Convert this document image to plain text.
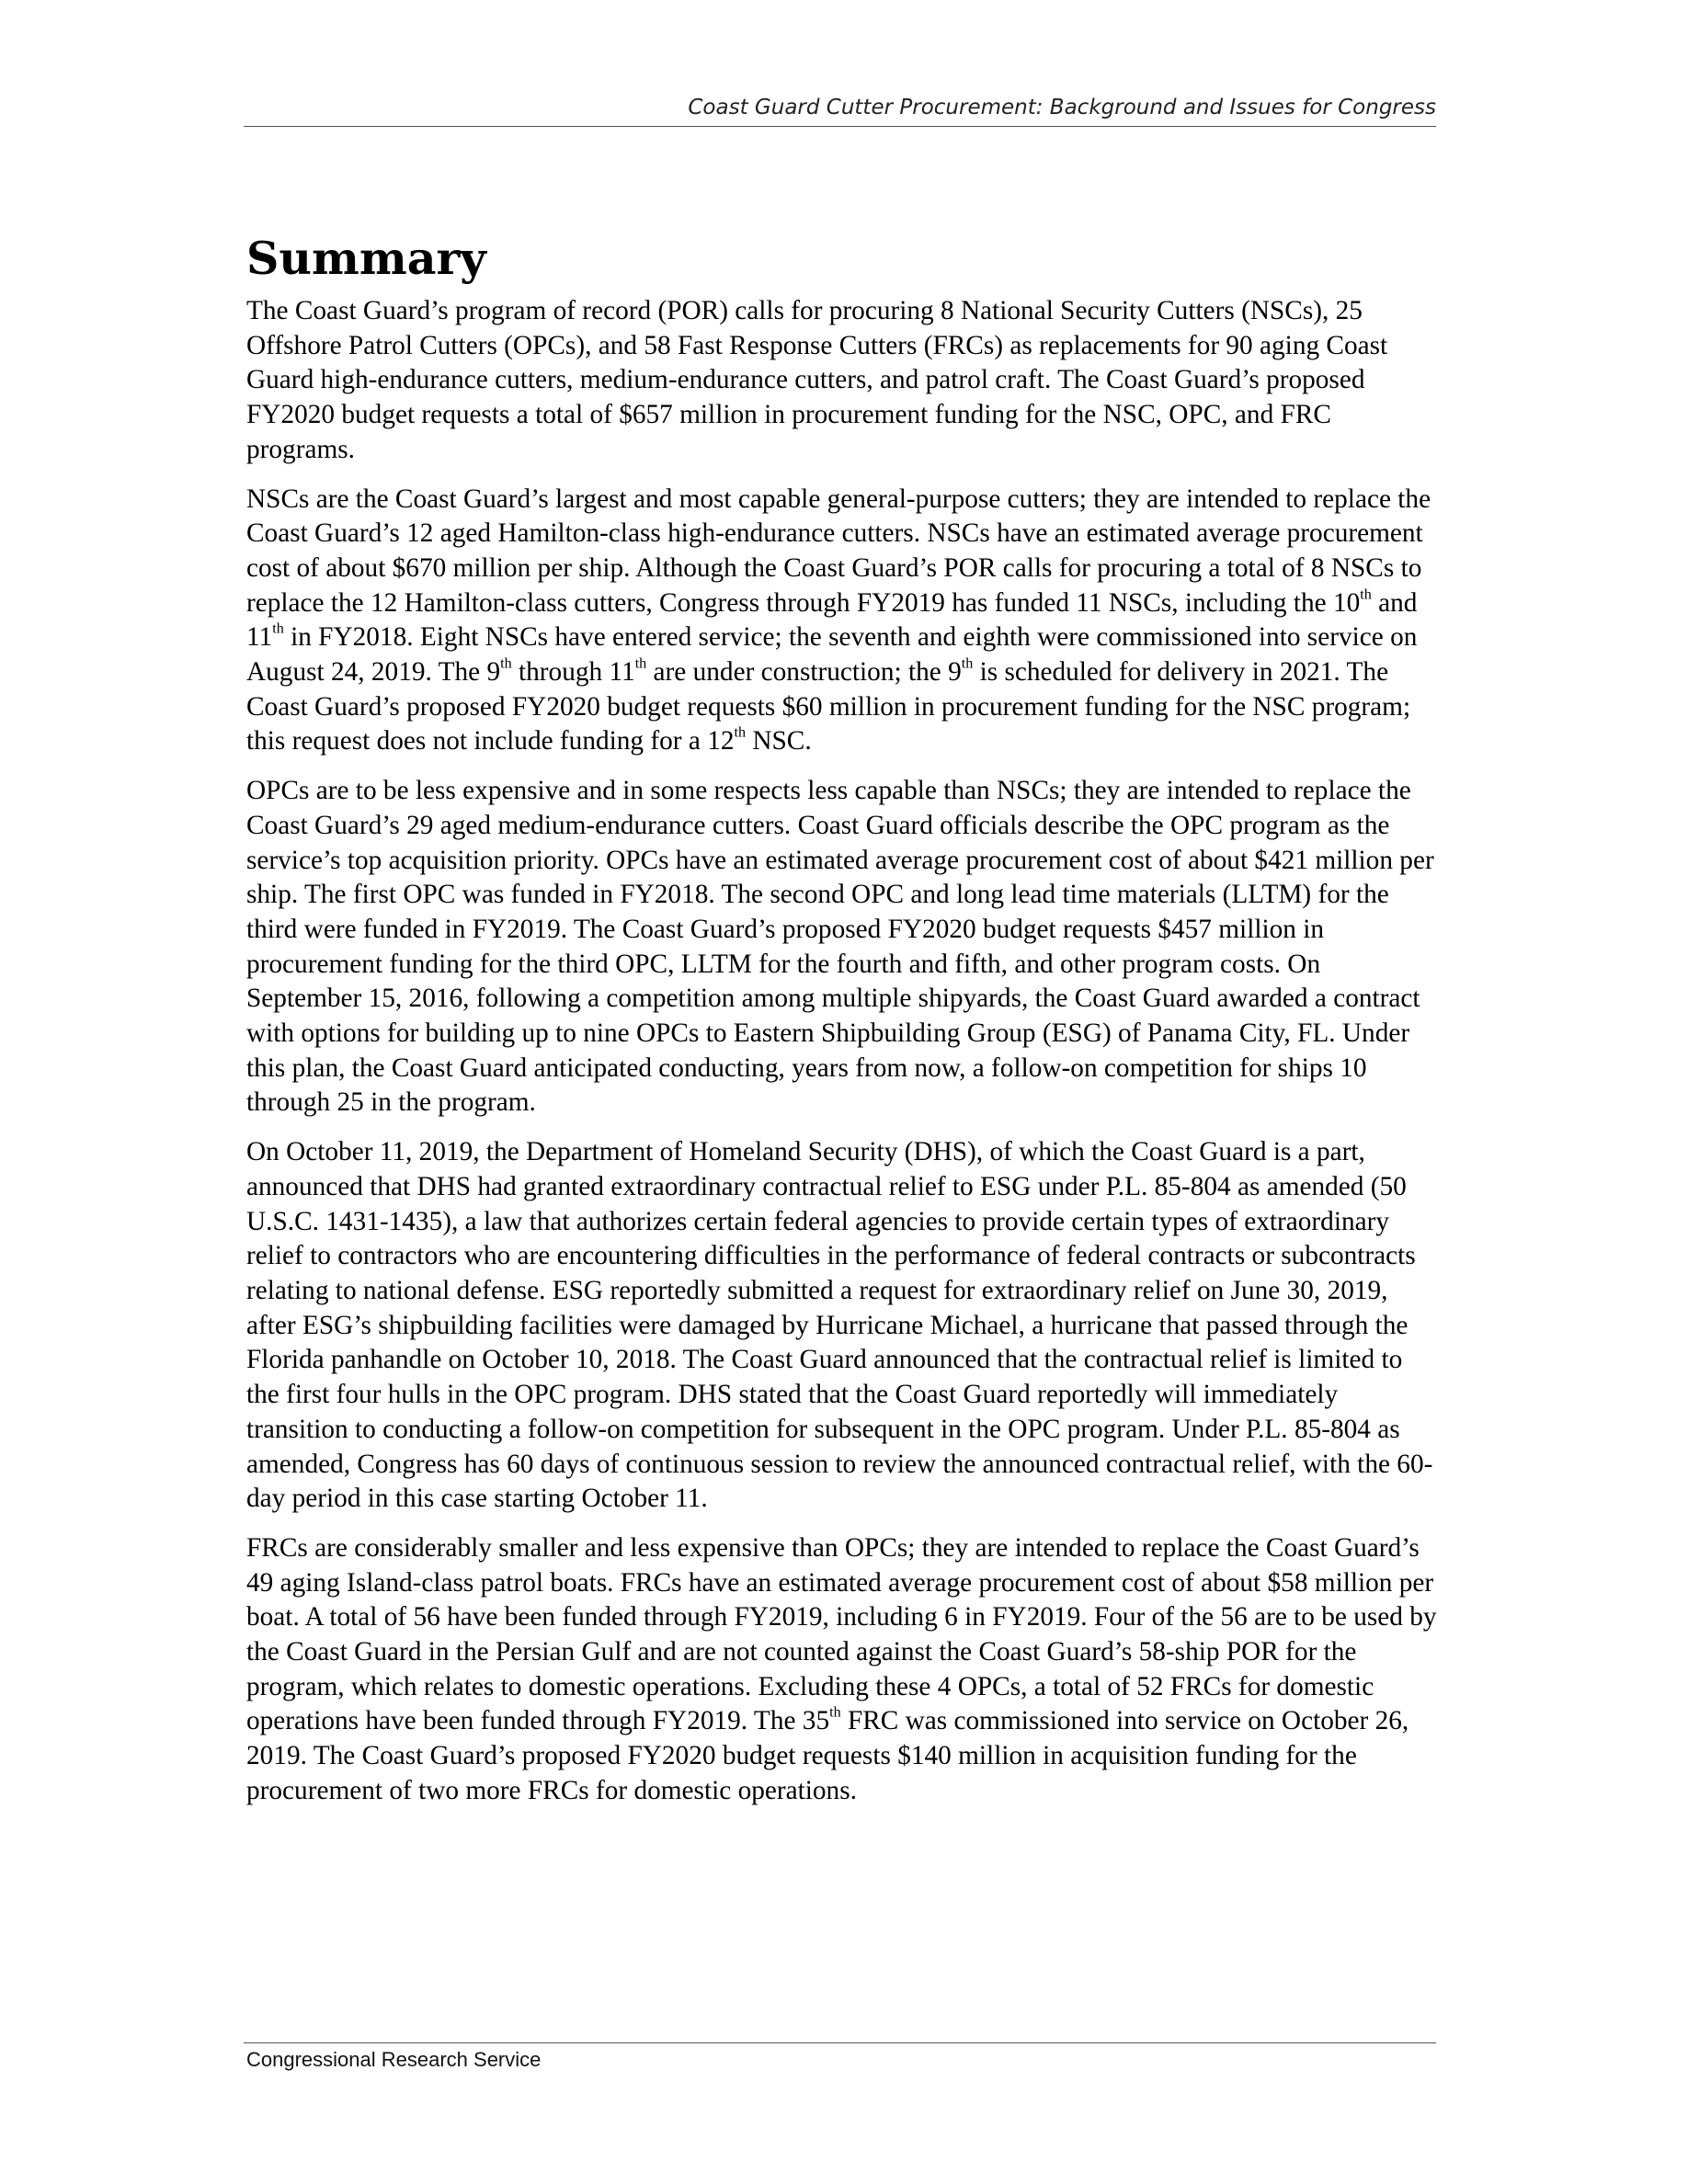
Coast Guard Cutter Procurement: Background and Issues for Congress
Summary

The Coast Guard’s program of record (POR) calls for procuring 8 National Security Cutters (NSCs), 25 Offshore Patrol Cutters (OPCs), and 58 Fast Response Cutters (FRCs) as replacements for 90 aging Coast Guard high-endurance cutters, medium-endurance cutters, and patrol craft. The Coast Guard’s proposed FY2020 budget requests a total of $657 million in procurement funding for the NSC, OPC, and FRC programs.

NSCs are the Coast Guard’s largest and most capable general-purpose cutters; they are intended to replace the Coast Guard’s 12 aged Hamilton-class high-endurance cutters. NSCs have an estimated average procurement cost of about $670 million per ship. Although the Coast Guard’s POR calls for procuring a total of 8 NSCs to replace the 12 Hamilton-class cutters, Congress through FY2019 has funded 11 NSCs, including the 10th and 11th in FY2018. Eight NSCs have entered service; the seventh and eighth were commissioned into service on August 24, 2019. The 9th through 11th are under construction; the 9th is scheduled for delivery in 2021. The Coast Guard’s proposed FY2020 budget requests $60 million in procurement funding for the NSC program; this request does not include funding for a 12th NSC.

OPCs are to be less expensive and in some respects less capable than NSCs; they are intended to replace the Coast Guard’s 29 aged medium-endurance cutters. Coast Guard officials describe the OPC program as the service’s top acquisition priority. OPCs have an estimated average procurement cost of about $421 million per ship. The first OPC was funded in FY2018. The second OPC and long lead time materials (LLTM) for the third were funded in FY2019. The Coast Guard’s proposed FY2020 budget requests $457 million in procurement funding for the third OPC, LLTM for the fourth and fifth, and other program costs. On September 15, 2016, following a competition among multiple shipyards, the Coast Guard awarded a contract with options for building up to nine OPCs to Eastern Shipbuilding Group (ESG) of Panama City, FL. Under this plan, the Coast Guard anticipated conducting, years from now, a follow-on competition for ships 10 through 25 in the program.

On October 11, 2019, the Department of Homeland Security (DHS), of which the Coast Guard is a part, announced that DHS had granted extraordinary contractual relief to ESG under P.L. 85-804 as amended (50 U.S.C. 1431-1435), a law that authorizes certain federal agencies to provide certain types of extraordinary relief to contractors who are encountering difficulties in the performance of federal contracts or subcontracts relating to national defense. ESG reportedly submitted a request for extraordinary relief on June 30, 2019, after ESG’s shipbuilding facilities were damaged by Hurricane Michael, a hurricane that passed through the Florida panhandle on October 10, 2018. The Coast Guard announced that the contractual relief is limited to the first four hulls in the OPC program. DHS stated that the Coast Guard reportedly will immediately transition to conducting a follow-on competition for subsequent in the OPC program. Under P.L. 85-804 as amended, Congress has 60 days of continuous session to review the announced contractual relief, with the 60-day period in this case starting October 11.

FRCs are considerably smaller and less expensive than OPCs; they are intended to replace the Coast Guard’s 49 aging Island-class patrol boats. FRCs have an estimated average procurement cost of about $58 million per boat. A total of 56 have been funded through FY2019, including 6 in FY2019. Four of the 56 are to be used by the Coast Guard in the Persian Gulf and are not counted against the Coast Guard’s 58-ship POR for the program, which relates to domestic operations. Excluding these 4 OPCs, a total of 52 FRCs for domestic operations have been funded through FY2019. The 35th FRC was commissioned into service on October 26, 2019. The Coast Guard’s proposed FY2020 budget requests $140 million in acquisition funding for the procurement of two more FRCs for domestic operations.

Congressional Research Service
